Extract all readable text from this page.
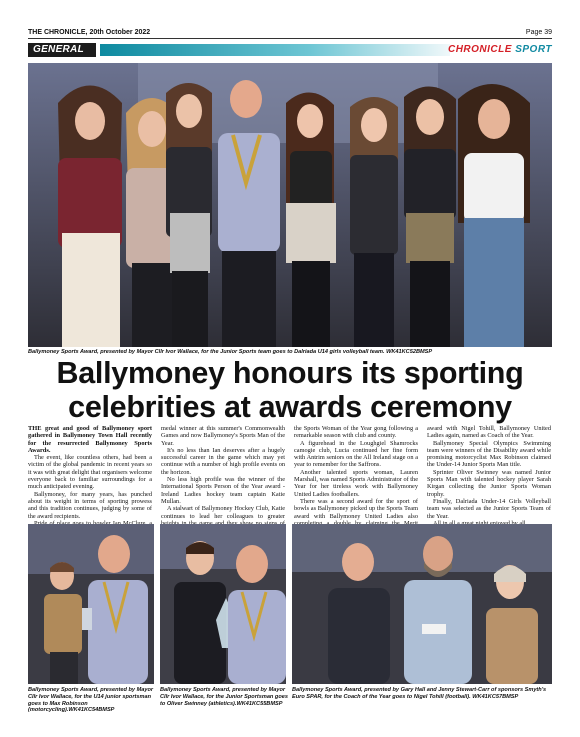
THE CHRONICLE, 20th October 2022	Page 39
GENERAL	CHRONICLE SPORT
Ballymoney Sports Award, presented by Mayor Cllr Ivor Wallace, for the Junior Sports team goes to Dalriada U14 girls volleyball team. WK41KC52BMSP
Ballymoney honours its sporting
celebrities at awards ceremony

THE great and good of Ballymoney sport gathered in Ballymoney Town Hall recently for the resurrected Ballymoney Sports Awards.

The event, like countless others, had been a victim of the global pandemic in recent years so it was with great delight that organisers welcome everyone back to familiar surroundings for a much anticipated evening.

Ballymoney, for many years, has punched about its weight in terms of sporting prowess and this tradition continues, judging by some of the award recipients.

medal winner at this summer's Commonwealth Games and now Ballymoney's Sports Man of the Year.

It's no less than Ian deserves after a hugely successful career in the game which may yet continue with a number of high profile events on the horizon.

No less high profile was the winner of the International Sports Person of the Year award - Ireland Ladies hockey team captain Katie Mullan.

A stalwart of Ballymoney Hockey Club, Katie continues to lead her colleagues to greater

the Sports Woman of the Year gong following a remarkable season with club and county.

A figurehead in the Loughgiel Shamrocks camogie club, Lucia continued her fine form with Antrim seniors on the All Ireland stage on a year to remember for the Saffrons.

Another talented sports woman, Lauren Marshall, was named Sports Administrator of the Year for her tireless work with Ballymoney United Ladies footballers.

There was a second award for the sport of bowls as Ballymoney picked up the Sports Team award with Ballymoney United Ladies also

award with Nigel Tohill, Ballymoney United Ladies again, named as Coach of the Year.

Ballymoney Special Olympics Swimming team were winners of the Disability award while promising motorcyclist Max Robinson claimed the Under-14 Junior Sports Man title.

Sprinter Oliver Swinney was named Junior Sports Man with talented hockey player Sarah Kirgan collecting the Junior Sports Woman trophy.

Finally, Dalriada Under-14 Girls Volleyball team was selected as the Junior Sports Team of the Year.

Ballymoney Sports Award, presented by Mayor Cllr Ivor Wallace, for the U14 junior sportsman goes to Max Robinson (motorcycling).WK41KC54BMSP
Ballymoney Sports Award, presented by Mayor Cllr Ivor Wallace, for the Junior Sportsman goes to Oliver Swinney (athletics).WK41KC55BMSP
Ballymoney Sports Award, presented by Gary Hall and Jenny Stewart-Carr of sponsors Smyth's Euro SPAR, for the Coach of the Year goes to Nigel Tohill (football). WK41KC57BMSP
